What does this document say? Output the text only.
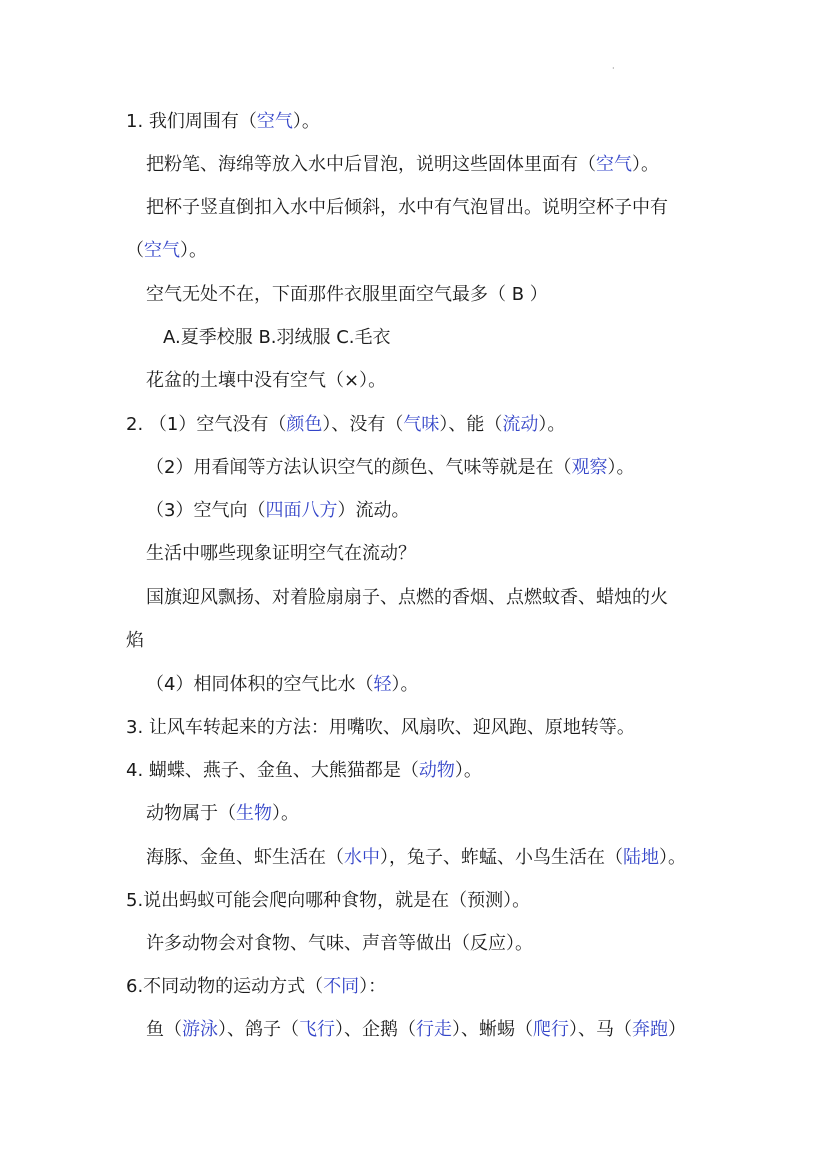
·
1. 我们周围有（空气）。
把粉笔、海绵等放入水中后冒泡，说明这些固体里面有（空气）。
把杯子竖直倒扣入水中后倾斜，水中有气泡冒出。说明空杯子中有
（空气）。
空气无处不在，下面那件衣服里面空气最多（ B ）
A.夏季校服 B.羽绒服 C.毛衣
花盆的土壤中没有空气（×）。
2. （1）空气没有（颜色）、没有（气味）、能（流动）。
（2）用看闻等方法认识空气的颜色、气味等就是在（观察）。
（3）空气向（四面八方）流动。
生活中哪些现象证明空气在流动？
国旗迎风飘扬、对着脸扇扇子、点燃的香烟、点燃蚊香、蜡烛的火
焰
（4）相同体积的空气比水（轻）。
3. 让风车转起来的方法：用嘴吹、风扇吹、迎风跑、原地转等。
4. 蝴蝶、燕子、金鱼、大熊猫都是（动物）。
动物属于（生物）。
海豚、金鱼、虾生活在（水中），兔子、蚱蜢、小鸟生活在（陆地）。
5.说出蚂蚁可能会爬向哪种食物，就是在（预测）。
许多动物会对食物、气味、声音等做出（反应）。
6.不同动物的运动方式（不同）：
鱼（游泳）、鸽子（飞行）、企鹅（行走）、蜥蜴（爬行）、马（奔跑）
